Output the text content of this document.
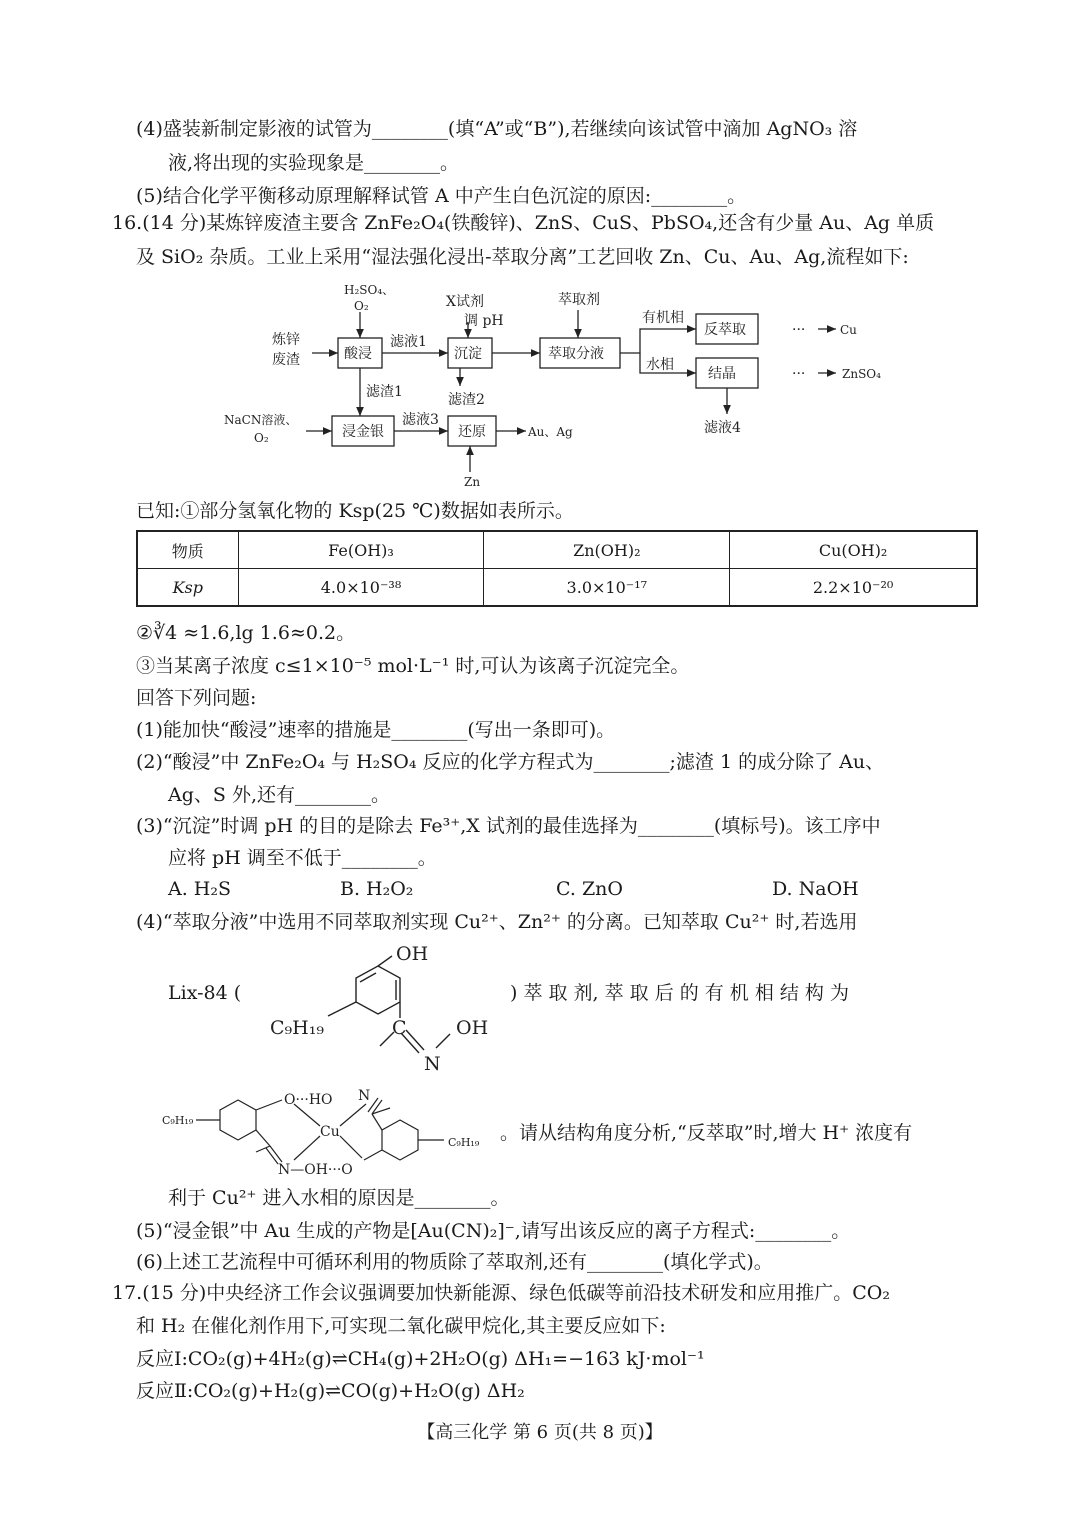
(4)盛装新制定影液的试管为________(填“A”或“B”),若继续向该试管中滴加 AgNO₃ 溶
液,将出现的实验现象是________。
(5)结合化学平衡移动原理解释试管 A 中产生白色沉淀的原因:________。
16.(14 分)某炼锌废渣主要含 ZnFe₂O₄(铁酸锌)、ZnS、CuS、PbSO₄,还含有少量 Au、Ag 单质
及 SiO₂ 杂质。工业上采用“湿法强化浸出-萃取分离”工艺回收 Zn、Cu、Au、Ag,流程如下:
炼锌
废渣
H₂SO₄、
O₂
酸浸
滤液1
X试剂
调 pH
沉淀
萃取剂
萃取分液
有机相
水相
反萃取
结晶
···
···
Cu
ZnSO₄
滤渣1	滤渣2
滤液4
NaCN溶液、
O₂	浸金银
滤液3
还原	Au、Ag
Zn
已知:①部分氢氧化物的 Ksp(25 ℃)数据如表所示。
物质	Fe(OH)₃	Zn(OH)₂	Cu(OH)₂
Ksp	4.0×10⁻³⁸	3.0×10⁻¹⁷	2.2×10⁻²⁰
②∛4 ≈1.6,lg 1.6≈0.2。
③当某离子浓度 c≤1×10⁻⁵ mol·L⁻¹ 时,可认为该离子沉淀完全。
回答下列问题:
(1)能加快“酸浸”速率的措施是________(写出一条即可)。
(2)“酸浸”中 ZnFe₂O₄ 与 H₂SO₄ 反应的化学方程式为________;滤渣 1 的成分除了 Au、
Ag、S 外,还有________。
(3)“沉淀”时调 pH 的目的是除去 Fe³⁺,X 试剂的最佳选择为________(填标号)。该工序中
应将 pH 调至不低于________。
A. H₂S	B. H₂O₂	C. ZnO	D. NaOH
(4)“萃取分液”中选用不同萃取剂实现 Cu²⁺、Zn²⁺ 的分离。已知萃取 Cu²⁺ 时,若选用
Lix-84 (
OH
C₉H₁₉	C	OH
N
) 萃 取 剂, 萃 取 后 的 有 机 相 结 构 为
C₉H₁₉
O···HO N
Cu
N—OH···O
C₉H₁₉ 。请从结构角度分析,“反萃取”时,增大 H⁺ 浓度有
利于 Cu²⁺ 进入水相的原因是________。
(5)“浸金银”中 Au 生成的产物是[Au(CN)₂]⁻,请写出该反应的离子方程式:________。
(6)上述工艺流程中可循环利用的物质除了萃取剂,还有________(填化学式)。
17.(15 分)中央经济工作会议强调要加快新能源、绿色低碳等前沿技术研发和应用推广。CO₂
和 H₂ 在催化剂作用下,可实现二氧化碳甲烷化,其主要反应如下:
反应Ⅰ:CO₂(g)+4H₂(g)⇌CH₄(g)+2H₂O(g) ΔH₁=−163 kJ·mol⁻¹
反应Ⅱ:CO₂(g)+H₂(g)⇌CO(g)+H₂O(g) ΔH₂
【高三化学 第 6 页(共 8 页)】
